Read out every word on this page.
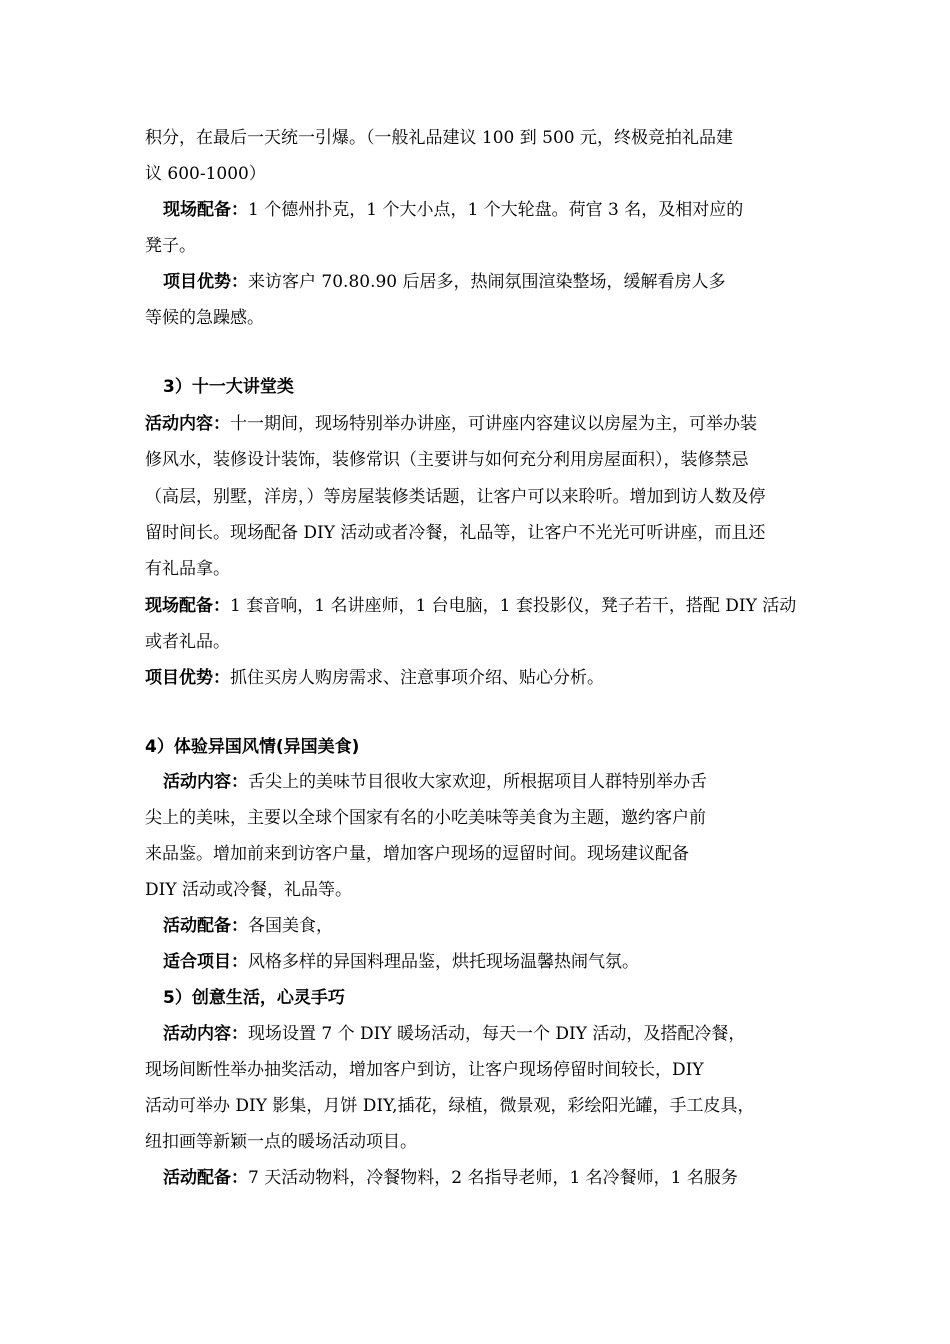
积分，在最后一天统一引爆。（一般礼品建议 100 到 500 元，终极竞拍礼品建
议 600-1000）
现场配备：1 个德州扑克，1 个大小点，1 个大轮盘。荷官 3 名，及相对应的
凳子。
项目优势：来访客户 70.80.90 后居多，热闹氛围渲染整场，缓解看房人多
等候的急躁感。
3）十一大讲堂类
活动内容：十一期间，现场特别举办讲座，可讲座内容建议以房屋为主，可举办装
修风水，装修设计装饰，装修常识（主要讲与如何充分利用房屋面积），装修禁忌
（高层，别墅，洋房，）等房屋装修类话题，让客户可以来聆听。增加到访人数及停
留时间长。现场配备 DIY 活动或者冷餐，礼品等，让客户不光光可听讲座，而且还
有礼品拿。
现场配备：1 套音响，1 名讲座师，1 台电脑，1 套投影仪，凳子若干，搭配 DIY 活动
或者礼品。
项目优势：抓住买房人购房需求、注意事项介绍、贴心分析。
4）体验异国风情(异国美食)
活动内容：舌尖上的美味节目很收大家欢迎，所根据项目人群特别举办舌
尖上的美味，主要以全球个国家有名的小吃美味等美食为主题，邀约客户前
来品鉴。增加前来到访客户量，增加客户现场的逗留时间。现场建议配备
DIY 活动或冷餐，礼品等。
活动配备：各国美食，
适合项目：风格多样的异国料理品鉴，烘托现场温馨热闹气氛。
5）创意生活，心灵手巧
活动内容：现场设置 7 个 DIY 暖场活动，每天一个 DIY 活动，及搭配冷餐，
现场间断性举办抽奖活动，增加客户到访，让客户现场停留时间较长，DIY
活动可举办 DIY 影集，月饼 DIY,插花，绿植，微景观，彩绘阳光罐，手工皮具，
纽扣画等新颖一点的暖场活动项目。
活动配备：7 天活动物料，冷餐物料，2 名指导老师，1 名冷餐师，1 名服务
